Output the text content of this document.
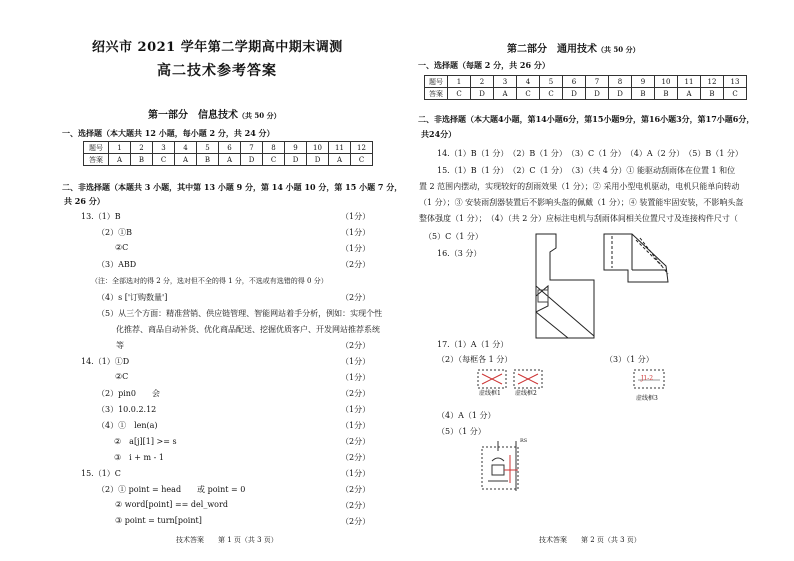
绍兴市 2021 学年第二学期高中期末调测
高二技术参考答案
第一部分　信息技术（共 50 分）
一、选择题（本大题共 12 小题，每小题 2 分，共 24 分）
题号	1	2	3	4	5	6	7	8	9	10	11	12
答案	A	B	C	A	B	A	D	C	D	D	A	C
二、非选择题（本题共 3 小题，其中第 13 小题 9 分，第 14 小题 10 分，第 15 小题 7 分，
共 26 分）
13.（1）B	（1分）
（2）①B	（1分）
②C	（1分）
（3）ABD	（2分）
（注：全部选对的得 2 分，选对但不全的得 1 分，不选或有选错的得 0 分）
（4）s ['订购数量']	（2分）
（5）从三个方面：精准营销、供应链管理、智能网站着手分析，例如：实现个性
化推荐、商品自动补货、优化商品配送、挖掘优质客户、开发网站推荐系统
等	（2分）
14.（1）①D	（1分）
②C	（1分）
（2）pin0　　会	（2分）
（3）10.0.2.12	（1分）
（4）①　len(a)	（1分）
②　a[j][1] >= s	（2分）
③　i + m - 1	（2分）
15.（1）C	（1分）
（2）① point = head　　或 point = 0	（2分）
② word[point] == del_word	（2分）
③ point = turn[point]	（2分）
技术答案　　第 1 页（共 3 页）
第二部分　通用技术（共 50 分）
一、选择题（每题 2 分，共 26 分）
题号	1	2	3	4	5	6	7	8	9	10	11	12	13
答案	C	D	A	C	C	D	D	D	B	B	A	B	C
二、非选择题（本大题4小题，第14小题6分，第15小题9分，第16小题3分，第17小题6分，
共24分）
14.（1）B（1 分）　（2）B（1 分）　（3）C（1 分）　（4）A（2 分）　（5）B（1 分）
15.（1）B（1 分）　（2）C（1 分）　（3）（共 4 分）① 能驱动刮雨体在位置 1 和位
置 2 范围内摆动，实现较好的刮雨效果（1 分）；② 采用小型电机驱动，电机只能单向转动
（1 分）；③ 安装雨刮器装置后不影响头盔的佩戴（1 分）；④ 装置能牢固安装，不影响头盔
整体强度（1 分）；　（4）（共 2 分）应标注电机与刮雨体间相关位置尺寸及连接构件尺寸（
（5）C（1 分）
16.（3 分）
17.（1）A（1 分）
（2）（每框各 1 分）	（3）（1 分）
虚线框1 虚线框2
J1-2
虚线框3
（4）A（1 分）
（5）（1 分）
RS
技术答案　　第 2 页（共 3 页）
